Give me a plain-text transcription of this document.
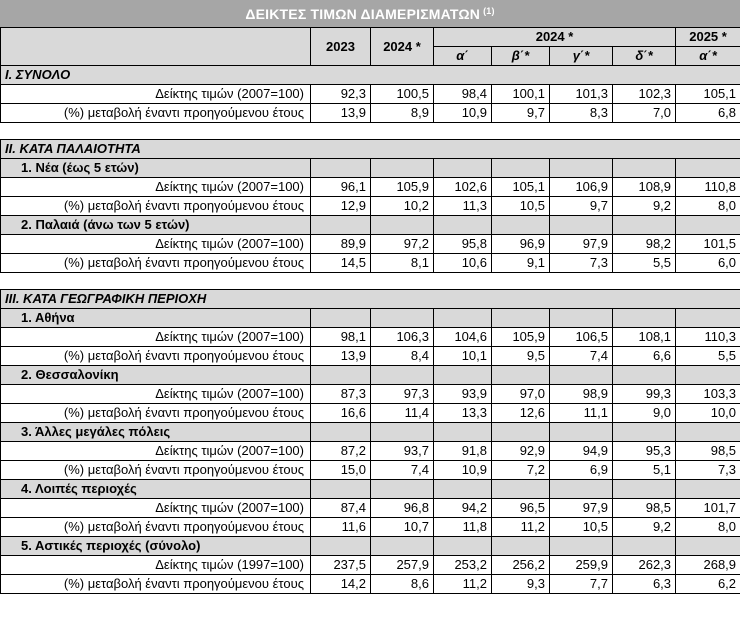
ΔΕΙΚΤΕΣ ΤΙΜΩΝ ΔΙΑΜΕΡΙΣΜΑΤΩΝ $^{(1)}$
	2023	2024 *	2024 *				2025 *
			α΄	β΄*	γ΄*	δ΄*	α΄*
I. ΣΥΝΟΛΟ							
Δείκτης τιμών (2007=100)	92,3	100,5	98,4	100,1	101,3	102,3	105,1
(%) μεταβολή έναντι προηγούμενου έτους	13,9	8,9	10,9	9,7	8,3	7,0	6,8

II. ΚΑΤΑ ΠΑΛΑΙΟΤΗΤΑ							
1. Νέα (έως 5 ετών)							
Δείκτης τιμών (2007=100)	96,1	105,9	102,6	105,1	106,9	108,9	110,8
(%) μεταβολή έναντι προηγούμενου έτους	12,9	10,2	11,3	10,5	9,7	9,2	8,0
2. Παλαιά (άνω των 5 ετών)							
Δείκτης τιμών (2007=100)	89,9	97,2	95,8	96,9	97,9	98,2	101,5
(%) μεταβολή έναντι προηγούμενου έτους	14,5	8,1	10,6	9,1	7,3	5,5	6,0

III. ΚΑΤΑ ΓΕΩΓΡΑΦΙΚΗ ΠΕΡΙΟΧΗ							
1. Αθήνα							
Δείκτης τιμών (2007=100)	98,1	106,3	104,6	105,9	106,5	108,1	110,3
(%) μεταβολή έναντι προηγούμενου έτους	13,9	8,4	10,1	9,5	7,4	6,6	5,5
2. Θεσσαλονίκη							
Δείκτης τιμών (2007=100)	87,3	97,3	93,9	97,0	98,9	99,3	103,3
(%) μεταβολή έναντι προηγούμενου έτους	16,6	11,4	13,3	12,6	11,1	9,0	10,0
3. Άλλες μεγάλες πόλεις							
Δείκτης τιμών (2007=100)	87,2	93,7	91,8	92,9	94,9	95,3	98,5
(%) μεταβολή έναντι προηγούμενου έτους	15,0	7,4	10,9	7,2	6,9	5,1	7,3
4. Λοιπές περιοχές							
Δείκτης τιμών (2007=100)	87,4	96,8	94,2	96,5	97,9	98,5	101,7
(%) μεταβολή έναντι προηγούμενου έτους	11,6	10,7	11,8	11,2	10,5	9,2	8,0
5. Αστικές περιοχές (σύνολο)							
Δείκτης τιμών (1997=100)	237,5	257,9	253,2	256,2	259,9	262,3	268,9
(%) μεταβολή έναντι προηγούμενου έτους	14,2	8,6	11,2	9,3	7,7	6,3	6,2
